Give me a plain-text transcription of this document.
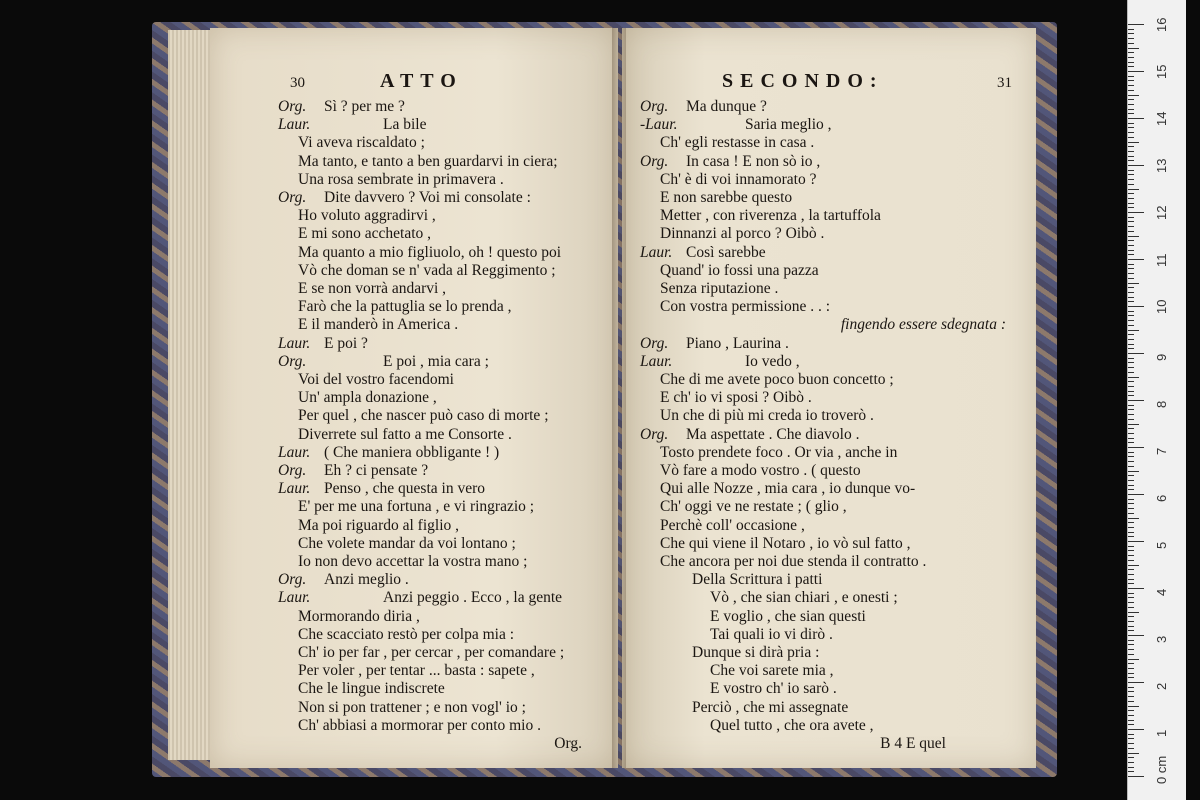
30	ATTO
Org. Sì ? per me ?
Laur.	La bile
Vi aveva riscaldato ;
Ma tanto, e tanto a ben guardarvi in ciera;
Una rosa sembrate in primavera .
Org. Dite davvero ? Voi mi consolate :
Ho voluto aggradirvi ,
E mi sono acchetato ,
Ma quanto a mio figliuolo, oh ! questo poi
Vò che doman se n' vada al Reggimento ;
E se non vorrà andarvi ,
Farò che la pattuglia se lo prenda ,
E il manderò in America .
Laur. E poi ?
Org.	E poi , mia cara ;
Voi del vostro facendomi
Un' ampla donazione ,
Per quel , che nascer può caso di morte ;
Diverrete sul fatto a me Consorte .
Laur. ( Che maniera obbligante ! )
Org. Eh ? ci pensate ?
Laur. Penso , che questa in vero
E' per me una fortuna , e vi ringrazio ;
Ma poi riguardo al figlio ,
Che volete mandar da voi lontano ;
Io non devo accettar la vostra mano ;
Org. Anzi meglio .
Laur.	Anzi peggio . Ecco , la gente
Mormorando diria ,
Che scacciato restò per colpa mia :
Ch' io per far , per cercar , per comandare ;
Per voler , per tentar ... basta : sapete ,
Che le lingue indiscrete
Non si pon trattener ; e non vogl' io ;
Ch' abbiasi a mormorar per conto mio .
Org.
31
SECONDO:
Org. Ma dunque ?
-Laur.	Saria meglio ,
Ch' egli restasse in casa .
Org. In casa ! E non sò io ,
Ch' è di voi innamorato ?
E non sarebbe questo
Metter , con riverenza , la tartuffola
Dinnanzi al porco ? Oibò .
Laur. Così sarebbe
Quand' io fossi una pazza
Senza riputazione .
Con vostra permissione . . :
fingendo essere sdegnata :
Org. Piano , Laurina .
Laur.	Io vedo ,
Che di me avete poco buon concetto ;
E ch' io vi sposi ? Oibò .
Un che di più mi creda io troverò .
Org. Ma aspettate . Che diavolo .
Tosto prendete foco . Or via , anche in
Vò fare a modo vostro . ( questo
Qui alle Nozze , mia cara , io dunque vo-
Ch' oggi ve ne restate ; ( glio ,
Perchè coll' occasione ,
Che qui viene il Notaro , io vò sul fatto ,
Che ancora per noi due stenda il contratto .
Della Scrittura i patti
Vò , che sian chiari , e onesti ;
E voglio , che sian questi
Tai quali io vi dirò .
Dunque si dirà pria :
Che voi sarete mia ,
E vostro ch' io sarò .
Perciò , che mi assegnate
Quel tutto , che ora avete ,
B 4 E quel
16
15
14
13
12
11
10
9
8
7
6
5
4
3
2
1
0 cm
